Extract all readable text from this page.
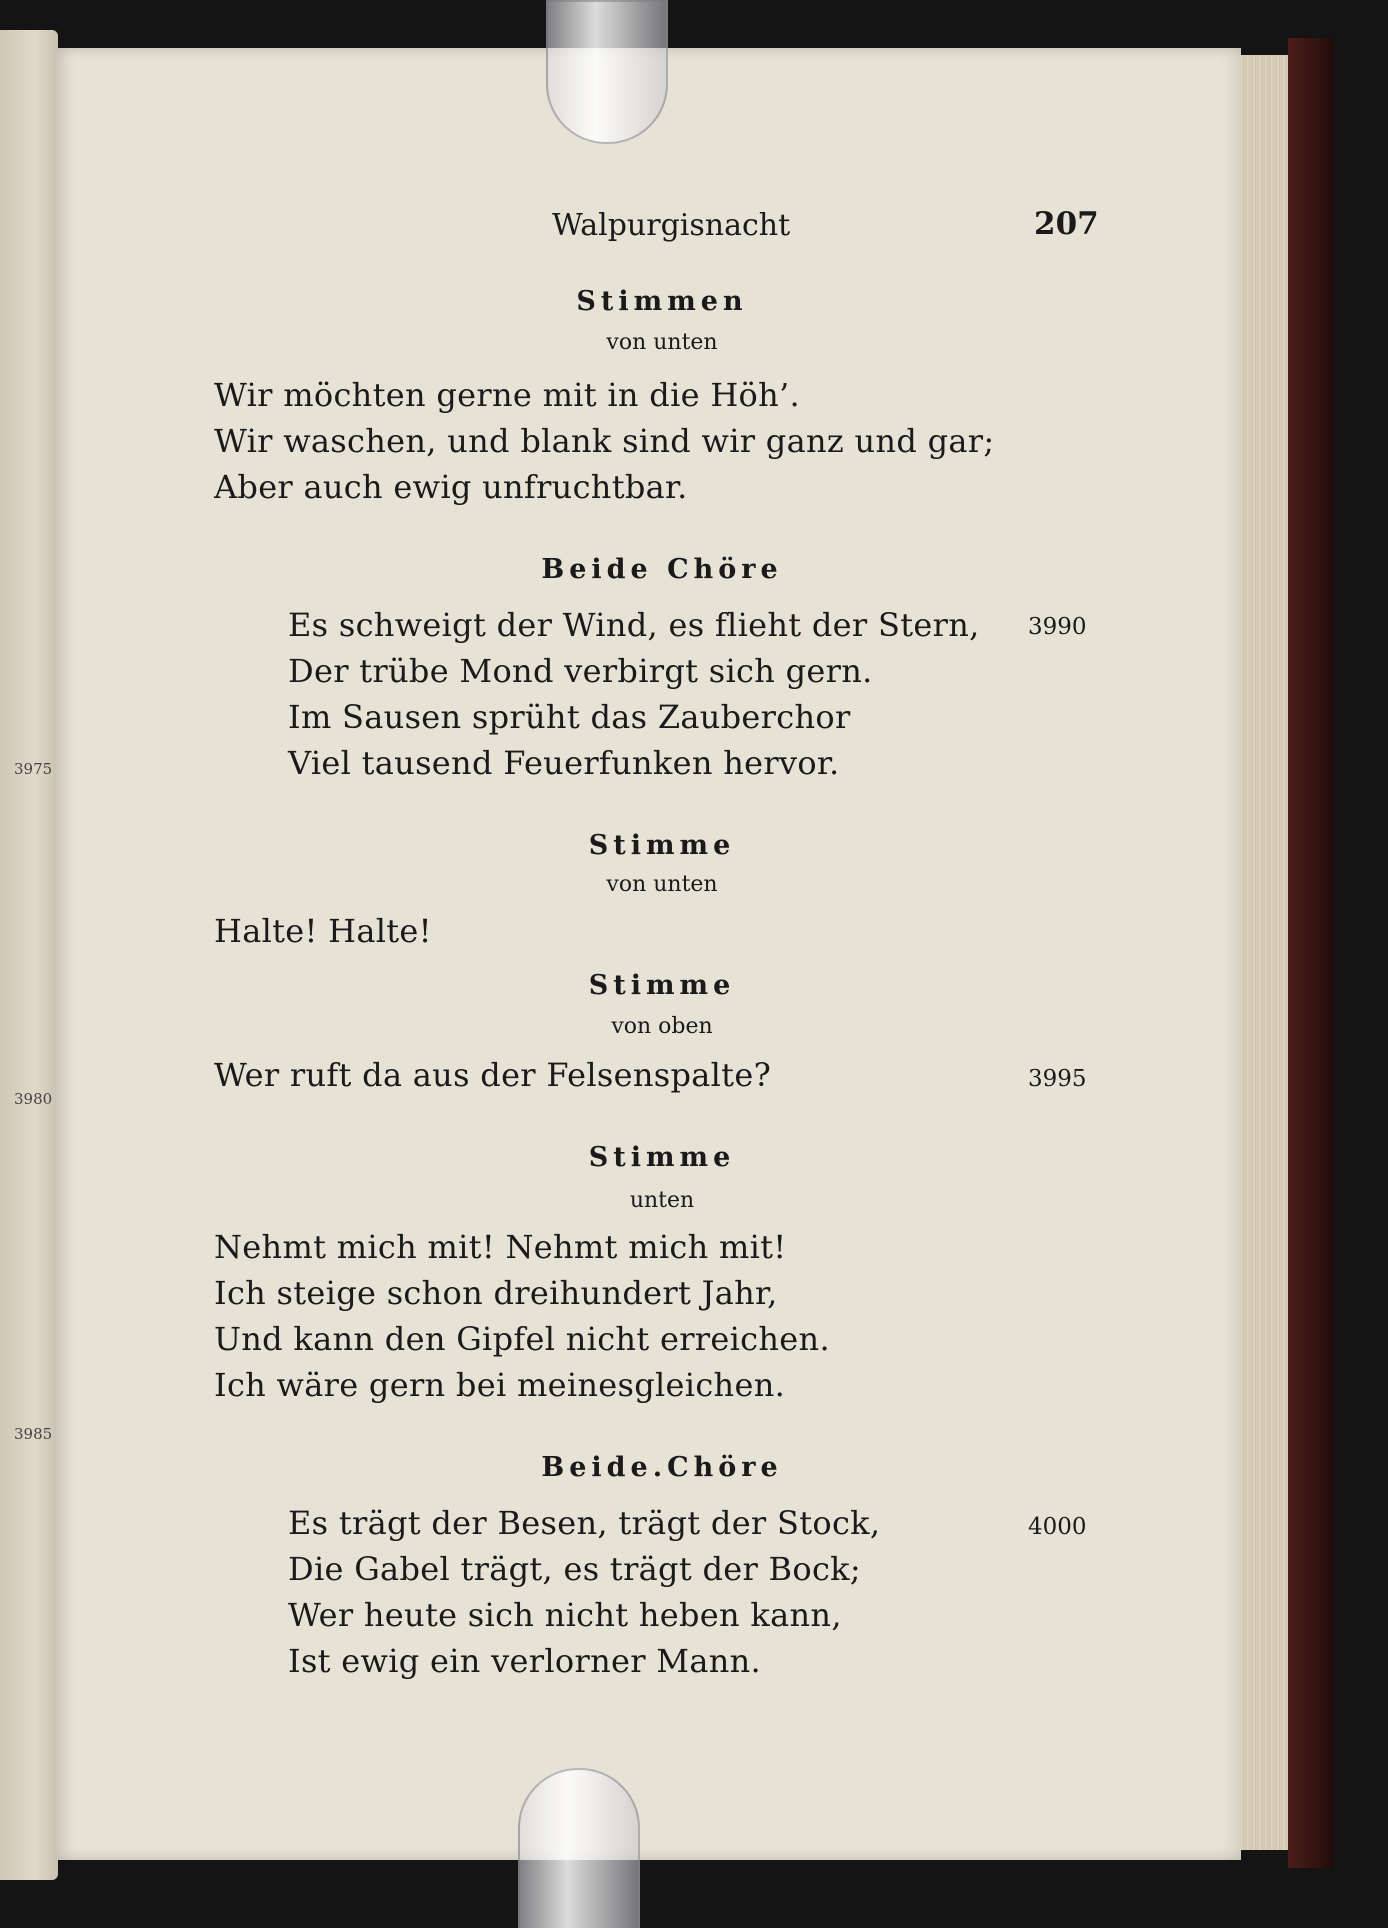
3975
3980
3985

Walpurgisnacht	207

Stimmen

von unten

Wir möchten gerne mit in die Höh’.

Wir waschen, und blank sind wir ganz und gar;

Aber auch ewig unfruchtbar.

Beide Chöre

Es schweigt der Wind, es flieht der Stern, 3990

Der trübe Mond verbirgt sich gern.

Im Sausen sprüht das Zauberchor

Viel tausend Feuerfunken hervor.

Stimme

von unten

Halte! Halte!

Stimme

von oben

Wer ruft da aus der Felsenspalte?	3995

Stimme

unten

Nehmt mich mit! Nehmt mich mit!

Ich steige schon dreihundert Jahr,

Und kann den Gipfel nicht erreichen.

Ich wäre gern bei meinesgleichen.

Beide.Chöre

Es trägt der Besen, trägt der Stock,	4000

Die Gabel trägt, es trägt der Bock;

Wer heute sich nicht heben kann,

Ist ewig ein verlorner Mann.
